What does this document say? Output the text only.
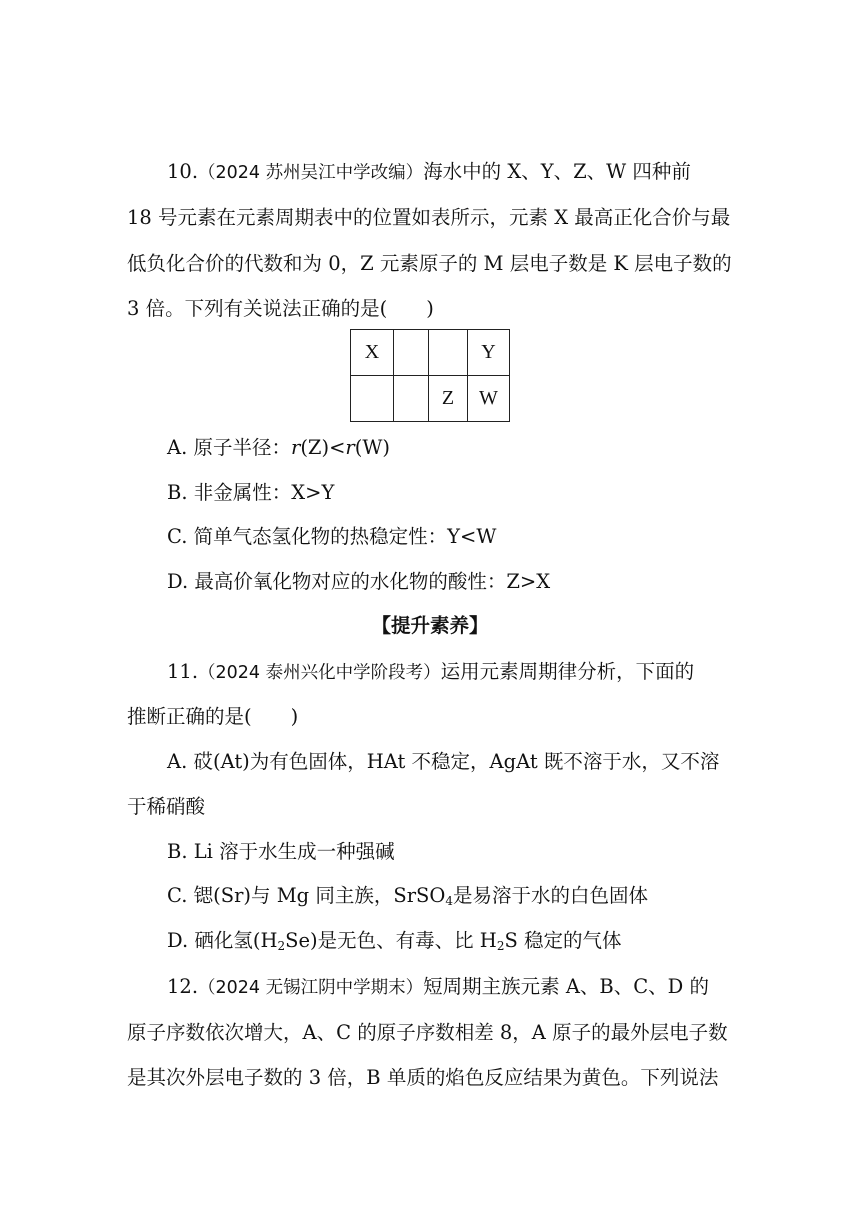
10.（2024 苏州吴江中学改编）海水中的 X、Y、Z、W 四种前
18 号元素在元素周期表中的位置如表所示，元素 X 最高正化合价与最
低负化合价的代数和为 0，Z 元素原子的 M 层电子数是 K 层电子数的
3 倍。下列有关说法正确的是(　　)
X			Y
		Z	W
A. 原子半径：r(Z)<r(W)
B. 非金属性：X>Y
C. 简单气态氢化物的热稳定性：Y<W
D. 最高价氧化物对应的水化物的酸性：Z>X
【提升素养】
11.（2024 泰州兴化中学阶段考）运用元素周期律分析，下面的
推断正确的是(　　)
A. 砹(At)为有色固体，HAt 不稳定，AgAt 既不溶于水，又不溶
于稀硝酸
B. Li 溶于水生成一种强碱
C. 锶(Sr)与 Mg 同主族，SrSO$_4$是易溶于水的白色固体
D. 硒化氢$(H_2Se)$是无色、有毒、比 $H_2S$ 稳定的气体
12.（2024 无锡江阴中学期末）短周期主族元素 A、B、C、D 的
原子序数依次增大，A、C 的原子序数相差 8，A 原子的最外层电子数
是其次外层电子数的 3 倍，B 单质的焰色反应结果为黄色。下列说法
